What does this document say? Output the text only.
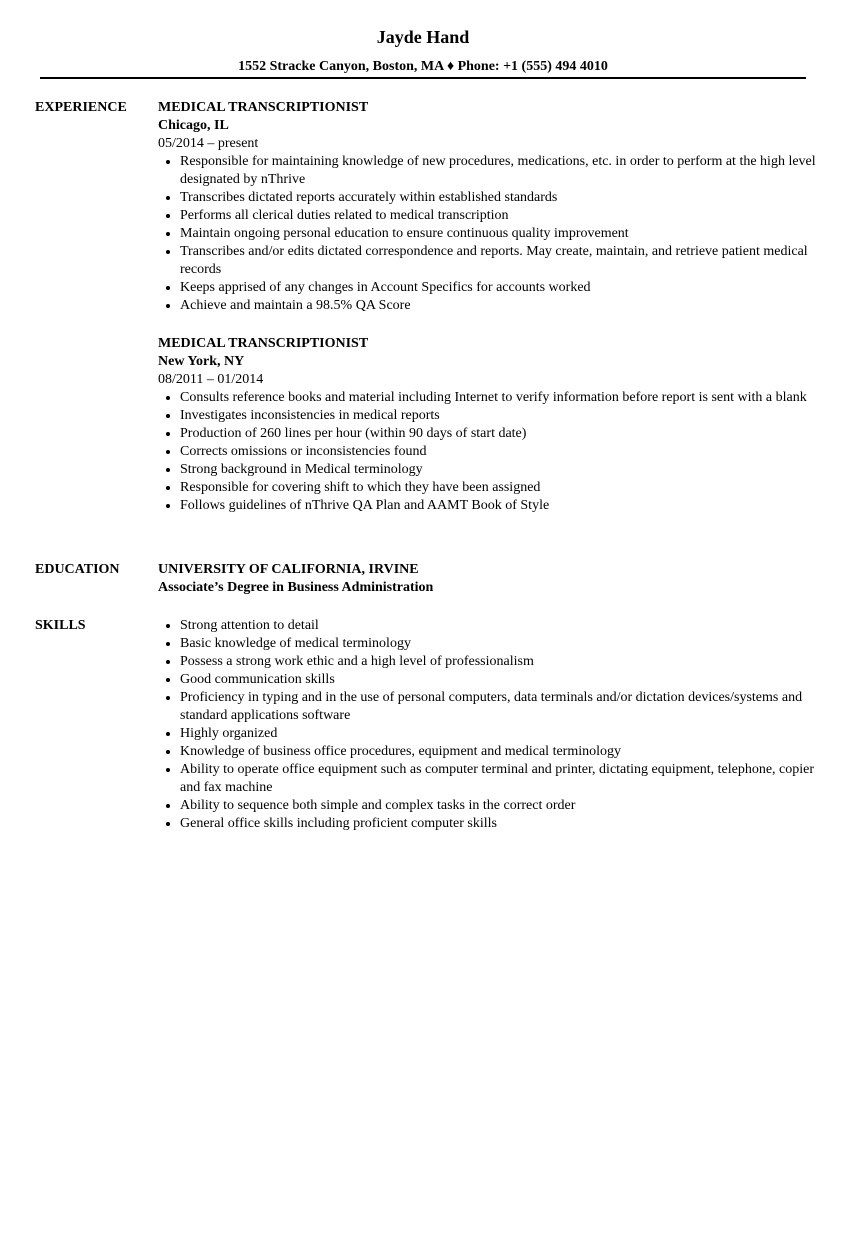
Jayde Hand
1552 Stracke Canyon, Boston, MA ♦ Phone: +1 (555) 494 4010
EXPERIENCE MEDICAL TRANSCRIPTIONIST
Chicago, IL
05/2014 – present
Responsible for maintaining knowledge of new procedures, medications, etc. in order to perform at the high level designated by nThrive
Transcribes dictated reports accurately within established standards
Performs all clerical duties related to medical transcription
Maintain ongoing personal education to ensure continuous quality improvement
Transcribes and/or edits dictated correspondence and reports. May create, maintain, and retrieve patient medical records
Keeps apprised of any changes in Account Specifics for accounts worked
Achieve and maintain a 98.5% QA Score
MEDICAL TRANSCRIPTIONIST
New York, NY
08/2011 – 01/2014
Consults reference books and material including Internet to verify information before report is sent with a blank
Investigates inconsistencies in medical reports
Production of 260 lines per hour (within 90 days of start date)
Corrects omissions or inconsistencies found
Strong background in Medical terminology
Responsible for covering shift to which they have been assigned
Follows guidelines of nThrive QA Plan and AAMT Book of Style
EDUCATION	UNIVERSITY OF CALIFORNIA, IRVINE
Associate’s Degree in Business Administration
SKILLS	Strong attention to detail
Basic knowledge of medical terminology
Possess a strong work ethic and a high level of professionalism
Good communication skills
Proficiency in typing and in the use of personal computers, data terminals and/or dictation devices/systems and standard applications software
Highly organized
Knowledge of business office procedures, equipment and medical terminology
Ability to operate office equipment such as computer terminal and printer, dictating equipment, telephone, copier and fax machine
Ability to sequence both simple and complex tasks in the correct order
General office skills including proficient computer skills
